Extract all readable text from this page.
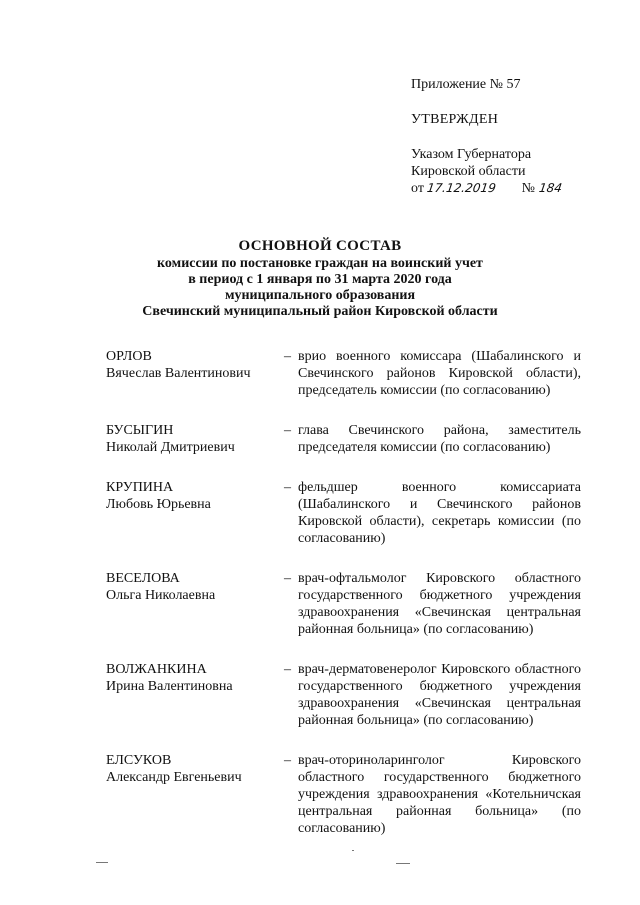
Приложение № 57

УТВЕРЖДЕН

Указом Губернатора

Кировской области

от 17.12.2019 № 184

ОСНОВНОЙ СОСТАВ
комиссии по постановке граждан на воинский учет
в период с 1 января по 31 марта 2020 года
муниципального образования
Свечинский муниципальный район Кировской области
ОРЛОВ
Вячеслав Валентинович
– врио военного комиссара (Шабалинского и Свечинского районов Кировской области), председатель комиссии (по согласованию)
БУСЫГИН
Николай Дмитриевич
– глава Свечинского района, заместитель председателя комиссии (по согласованию)
КРУПИНА
Любовь Юрьевна
– фельдшер военного комиссариата (Шабалинского и Свечинского районов Кировской области), секретарь комиссии (по согласованию)
ВЕСЕЛОВА
Ольга Николаевна
– врач-офтальмолог Кировского областного государственного бюджетного учреждения здравоохранения «Свечинская центральная районная больница» (по согласованию)
ВОЛЖАНКИНА
Ирина Валентиновна
– врач-дерматовенеролог Кировского областного государственного бюджетного учреждения здравоохранения «Свечинская центральная районная больница» (по согласованию)
ЕЛСУКОВ
Александр Евгеньевич
– врач-оториноларинголог Кировского областного государственного бюджетного учреждения здравоохранения «Котельничская центральная районная больница» (по согласованию)
